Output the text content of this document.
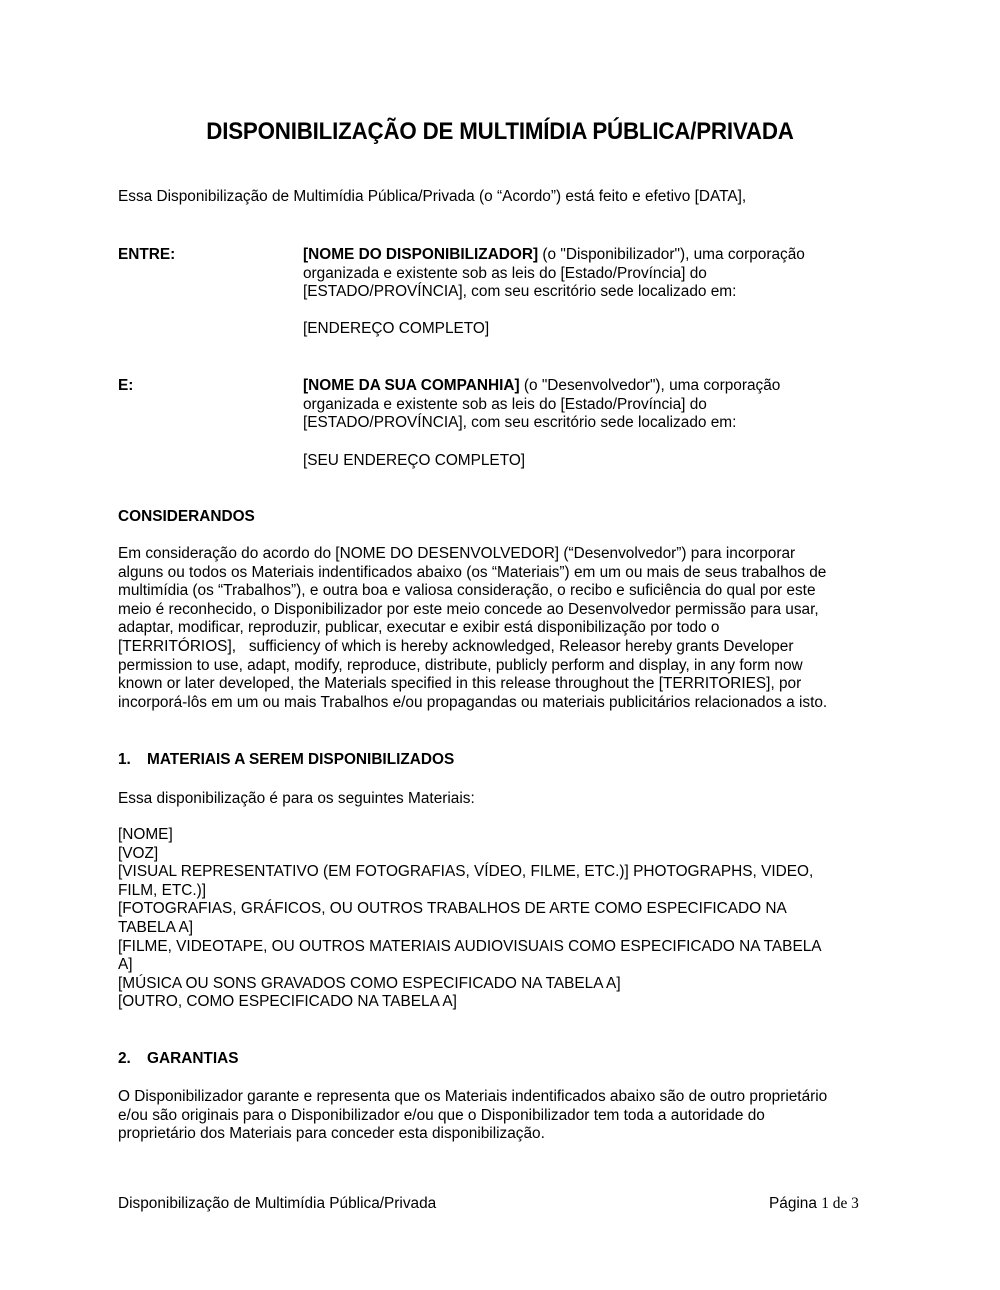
DISPONIBILIZAÇÃO DE MULTIMÍDIA PÚBLICA/PRIVADA
Essa Disponibilização de Multimídia Pública/Privada (o “Acordo”) está feito e efetivo [DATA],
ENTRE:	[NOME DO DISPONIBILIZADOR] (o "Disponibilizador"), uma corporação
organizada e existente sob as leis do [Estado/Província] do
[ESTADO/PROVÍNCIA], com seu escritório sede localizado em:
[ENDEREÇO COMPLETO]
E:	[NOME DA SUA COMPANHIA] (o "Desenvolvedor"), uma corporação
organizada e existente sob as leis do [Estado/Província] do
[ESTADO/PROVÍNCIA], com seu escritório sede localizado em:
[SEU ENDEREÇO COMPLETO]
CONSIDERANDOS
Em consideração do acordo do [NOME DO DESENVOLVEDOR] (“Desenvolvedor”) para incorporar
alguns ou todos os Materiais indentificados abaixo (os “Materiais”) em um ou mais de seus trabalhos de
multimídia (os “Trabalhos”), e outra boa e valiosa consideração, o recibo e suficiência do qual por este
meio é reconhecido, o Disponibilizador por este meio concede ao Desenvolvedor permissão para usar,
adaptar, modificar, reproduzir, publicar, executar e exibir está disponibilização por todo o
[TERRITÓRIOS],   sufficiency of which is hereby acknowledged, Releasor hereby grants Developer
permission to use, adapt, modify, reproduce, distribute, publicly perform and display, in any form now
known or later developed, the Materials specified in this release throughout the [TERRITORIES], por
incorporá-lôs em um ou mais Trabalhos e/ou propagandas ou materiais publicitários relacionados a isto.
1. MATERIAIS A SEREM DISPONIBILIZADOS
Essa disponibilização é para os seguintes Materiais:
[NOME]
[VOZ]
[VISUAL REPRESENTATIVO (EM FOTOGRAFIAS, VÍDEO, FILME, ETC.)] PHOTOGRAPHS, VIDEO,
FILM, ETC.)]
[FOTOGRAFIAS, GRÁFICOS, OU OUTROS TRABALHOS DE ARTE COMO ESPECIFICADO NA
TABELA A]
[FILME, VIDEOTAPE, OU OUTROS MATERIAIS AUDIOVISUAIS COMO ESPECIFICADO NA TABELA
A]
[MÚSICA OU SONS GRAVADOS COMO ESPECIFICADO NA TABELA A]
[OUTRO, COMO ESPECIFICADO NA TABELA A]
2. GARANTIAS
O Disponibilizador garante e representa que os Materiais indentificados abaixo são de outro proprietário
e/ou são originais para o Disponibilizador e/ou que o Disponibilizador tem toda a autoridade do
proprietário dos Materiais para conceder esta disponibilização.
Disponibilização de Multimídia Pública/Privada	Página 1 de 3
